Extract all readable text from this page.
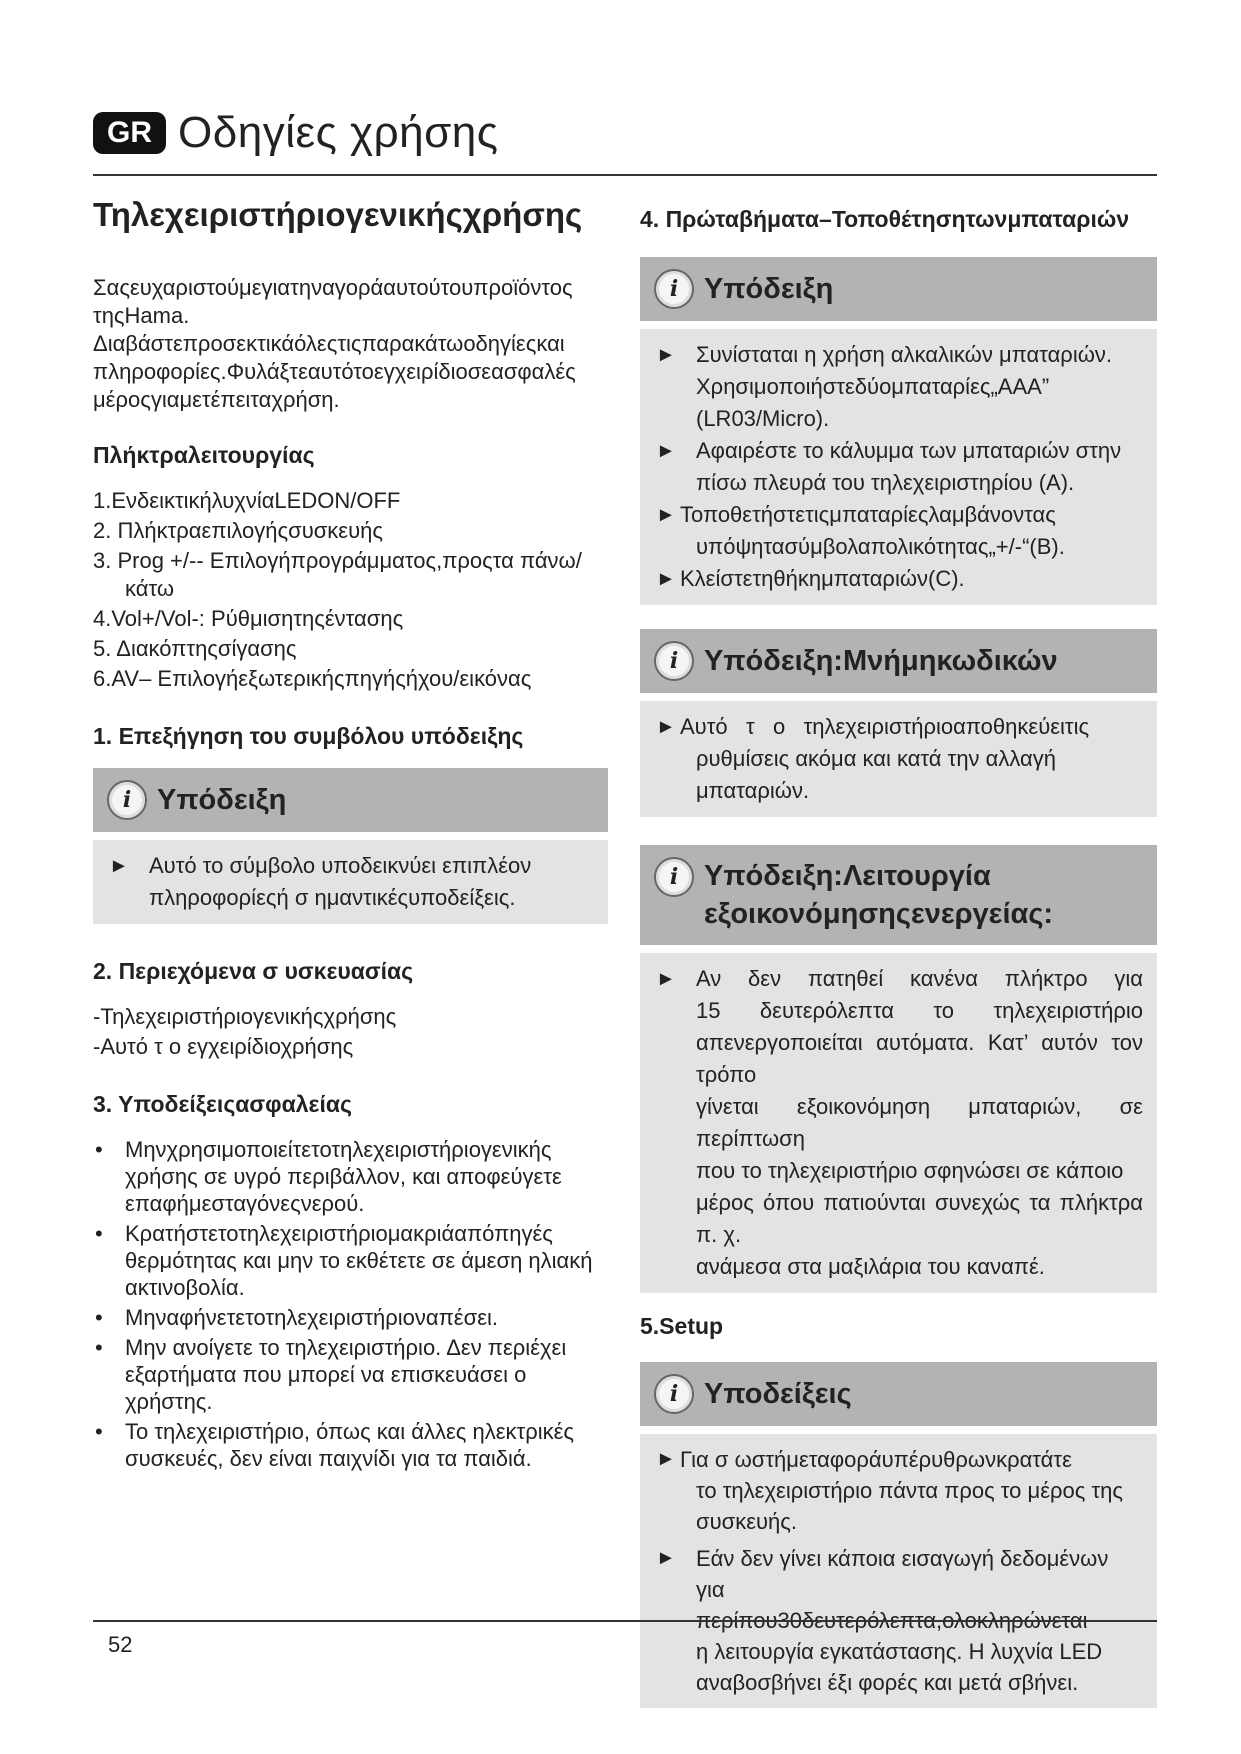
GR Οδηγίες χρήσης
Τηλεχειριστήριογενικήςχρήσης
Σαςευχαριστούμεγιατηναγοράαυτούτουπροϊόντος
τηςHama.
Διαβάστεπροσεκτικάόλεςτιςπαρακάτωοδηγίεςκαι
πληροφορίες.Φυλάξτεαυτότοεγχειρίδιοσεασφαλές
μέροςγιαμετέπειταχρήση.
Πλήκτραλειτουργίας
1.ΕνδεικτικήλυχνίαLEDON/OFF
2. Πλήκτραεπιλογήςσυσκευής
3. Prog +/-- Επιλογήπρογράμματος,προςτα πάνω/
κάτω
4.Vol+/Vol-: Ρύθμισητηςέντασης
5. Διακόπτηςσίγασης
6.AV– Επιλογήεξωτερικήςπηγήςήχου/εικόνας
1. Επεξήγηση του συμβόλου υπόδειξης
i Υπόδειξη
► Αυτό το σύμβολο υποδεικνύει επιπλέον
πληροφορίεςή σ ημαντικέςυποδείξεις.
2. Περιεχόμενα σ υσκευασίας
-Τηλεχειριστήριογενικήςχρήσης
-Αυτό τ ο εγχειρίδιοχρήσης
3. Υποδείξειςασφαλείας
• Μηνχρησιμοποιείτετοτηλεχειριστήριογενικής
χρήσης σε υγρό περιβάλλον, και αποφεύγετε
επαφήμεσταγόνεςνερού.
• Κρατήστετοτηλεχειριστήριομακριάαπόπηγές
θερμότητας και μην το εκθέτετε σε άμεση ηλιακή
ακτινοβολία.
• Μηναφήνετετοτηλεχειριστήριοναπέσει.
• Μην ανοίγετε το τηλεχειριστήριο. Δεν περιέχει
εξαρτήματα που μπορεί να επισκευάσει ο χρήστης.
• Το τηλεχειριστήριο, όπως και άλλες ηλεκτρικές
συσκευές, δεν είναι παιχνίδι για τα παιδιά.
4. Πρώταβήματα–Τοποθέτησητωνμπαταριών
i Υπόδειξη
► Συνίσταται η χρήση αλκαλικών μπαταριών.
Χρησιμοποιήστεδύομπαταρίες„AAA”
(LR03/Micro).
► Αφαιρέστε το κάλυμμα των μπαταριών στην
πίσω πλευρά του τηλεχειριστηρίου (A).
► Τοποθετήστετιςμπαταρίεςλαμβάνοντας
υπόψητασύμβολαπολικότητας„+/-“(B).
► Κλείστετηθήκημπαταριών(C).
i Υπόδειξη:Μνήμηκωδικών
► Αυτό   τ   ο   τηλεχειριστήριοαποθηκεύειτις
ρυθμίσεις ακόμα και κατά την αλλαγή μπαταριών.
i Υπόδειξη:Λειτουργία
εξοικονόμησηςενεργείας:
► Αν δεν πατηθεί κανένα πλήκτρο για
15 δευτερόλεπτα το τηλεχειριστήριο
απενεργοποιείται αυτόματα. Κατ’ αυτόν τον τρόπο
γίνεται εξοικονόμηση μπαταριών, σε περίπτωση
που το τηλεχειριστήριο σφηνώσει σε κάποιο
μέρος όπου πατιούνται συνεχώς τα πλήκτρα π. χ.
ανάμεσα στα μαξιλάρια του καναπέ.
5.Setup
i Υποδείξεις
► Για σ ωστήμεταφοράυπέρυθρωνκρατάτε
το τηλεχειριστήριο πάντα προς το μέρος της
συσκευής.
► Εάν δεν γίνει κάποια εισαγωγή δεδομένων για
περίπου30δευτερόλεπτα,ολοκληρώνεται
η λειτουργία εγκατάστασης. Η λυχνία LED
αναβοσβήνει έξι φορές και μετά σβήνει.
52
